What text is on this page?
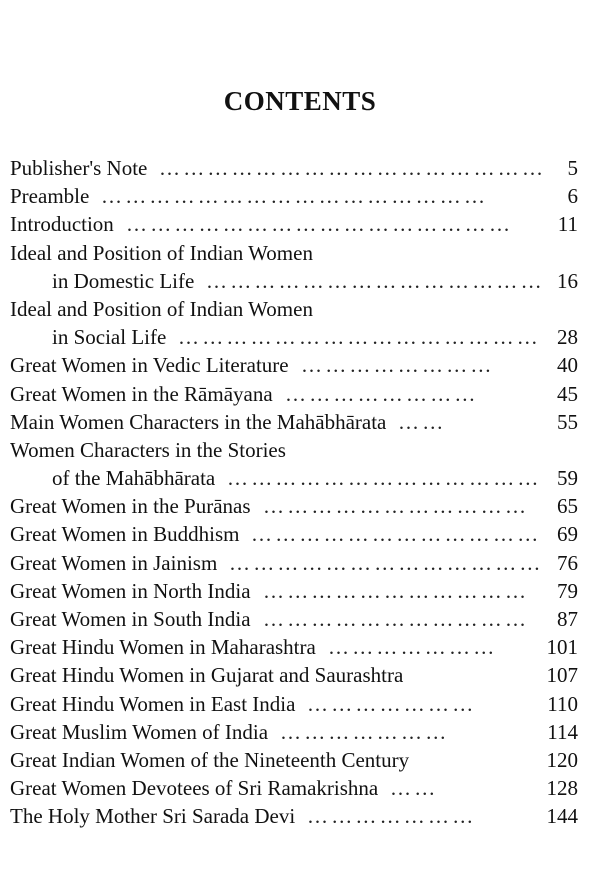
CONTENTS
Publisher's Note …………………………………………	5
Preamble …………………………………………	6
Introduction …………………………………………	11
Ideal and Position of Indian Women
in Domestic Life …………………………………… 16
Ideal and Position of Indian Women
in Social Life ……………………………………… 28
Great Women in Vedic Literature ……………………	40
Great Women in the Rāmāyana ……………………	45
Main Women Characters in the Mahābhārata ……	55
Women Characters in the Stories
of the Mahābhārata ………………………………… 59
Great Women in the Purānas ……………………………	65
Great Women in Buddhism ……………………………… 69
Great Women in Jainism ………………………………… 76
Great Women in North India ……………………………	79
Great Women in South India ……………………………	87
Great Hindu Women in Maharashtra …………………	101
Great Hindu Women in Gujarat and Saurashtra	107
Great Hindu Women in East India …………………	110
Great Muslim Women of India …………………	114
Great Indian Women of the Nineteenth Century	120
Great Women Devotees of Sri Ramakrishna ……	128
The Holy Mother Sri Sarada Devi …………………	144
